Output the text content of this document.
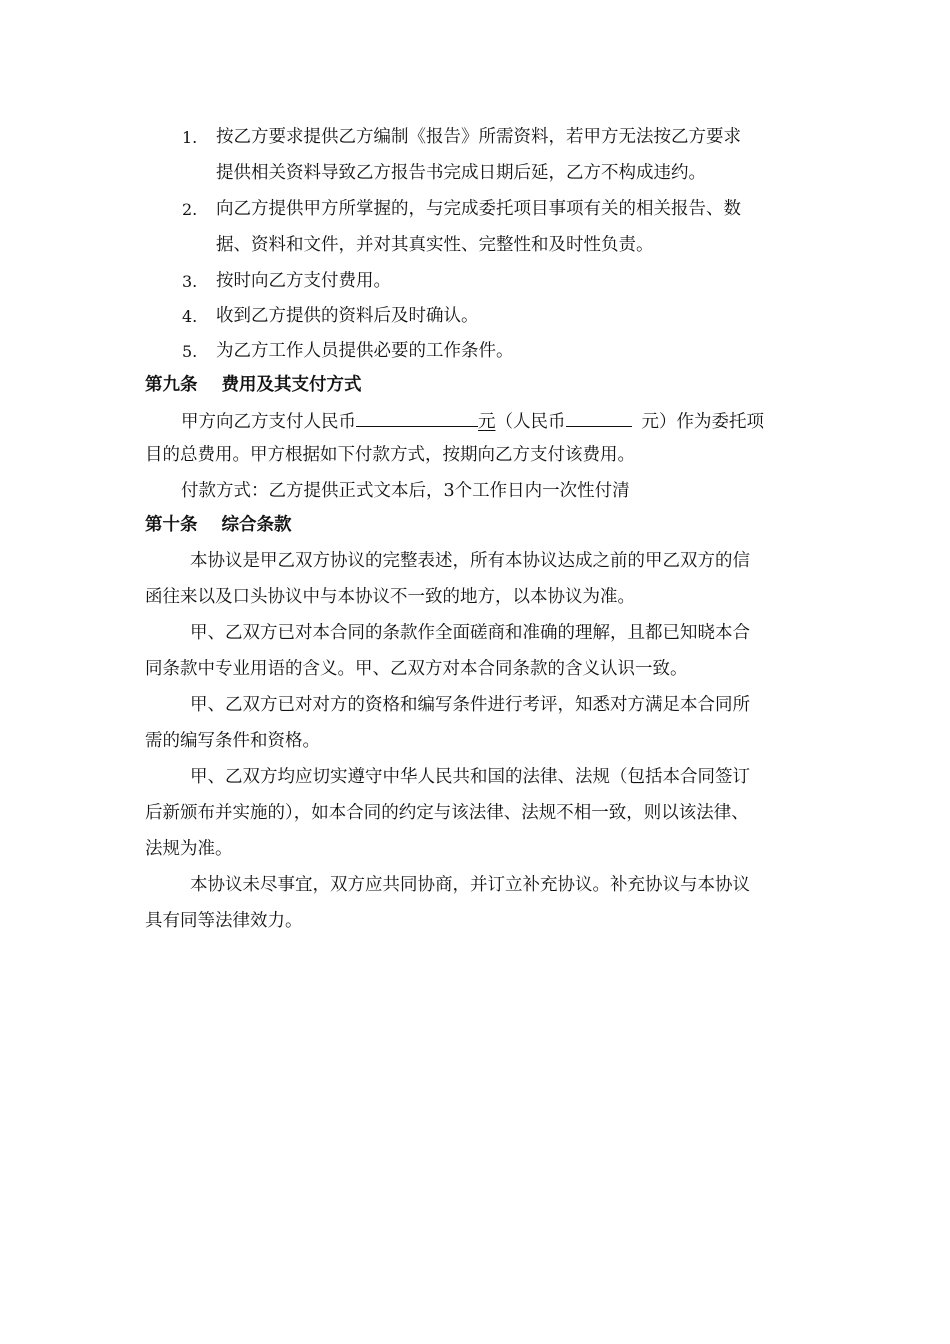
1. 按乙方要求提供乙方编制《报告》所需资料，若甲方无法按乙方要求
提供相关资料导致乙方报告书完成日期后延，乙方不构成违约。
2. 向乙方提供甲方所掌握的，与完成委托项目事项有关的相关报告、数
据、资料和文件，并对其真实性、完整性和及时性负责。
3. 按时向乙方支付费用。
4. 收到乙方提供的资料后及时确认。
5. 为乙方工作人员提供必要的工作条件。
第九条 费用及其支付方式
甲方向乙方支付人民币	元（人民币	元）作为委托项
目的总费用。甲方根据如下付款方式，按期向乙方支付该费用。
付款方式：乙方提供正式文本后，3个工作日内一次性付清
第十条 综合条款
本协议是甲乙双方协议的完整表述，所有本协议达成之前的甲乙双方的信
函往来以及口头协议中与本协议不一致的地方，以本协议为准。
甲、乙双方已对本合同的条款作全面磋商和准确的理解，且都已知晓本合
同条款中专业用语的含义。甲、乙双方对本合同条款的含义认识一致。
甲、乙双方已对对方的资格和编写条件进行考评，知悉对方满足本合同所
需的编写条件和资格。
甲、乙双方均应切实遵守中华人民共和国的法律、法规（包括本合同签订
后新颁布并实施的），如本合同的约定与该法律、法规不相一致，则以该法律、
法规为准。
本协议未尽事宜，双方应共同协商，并订立补充协议。补充协议与本协议
具有同等法律效力。
